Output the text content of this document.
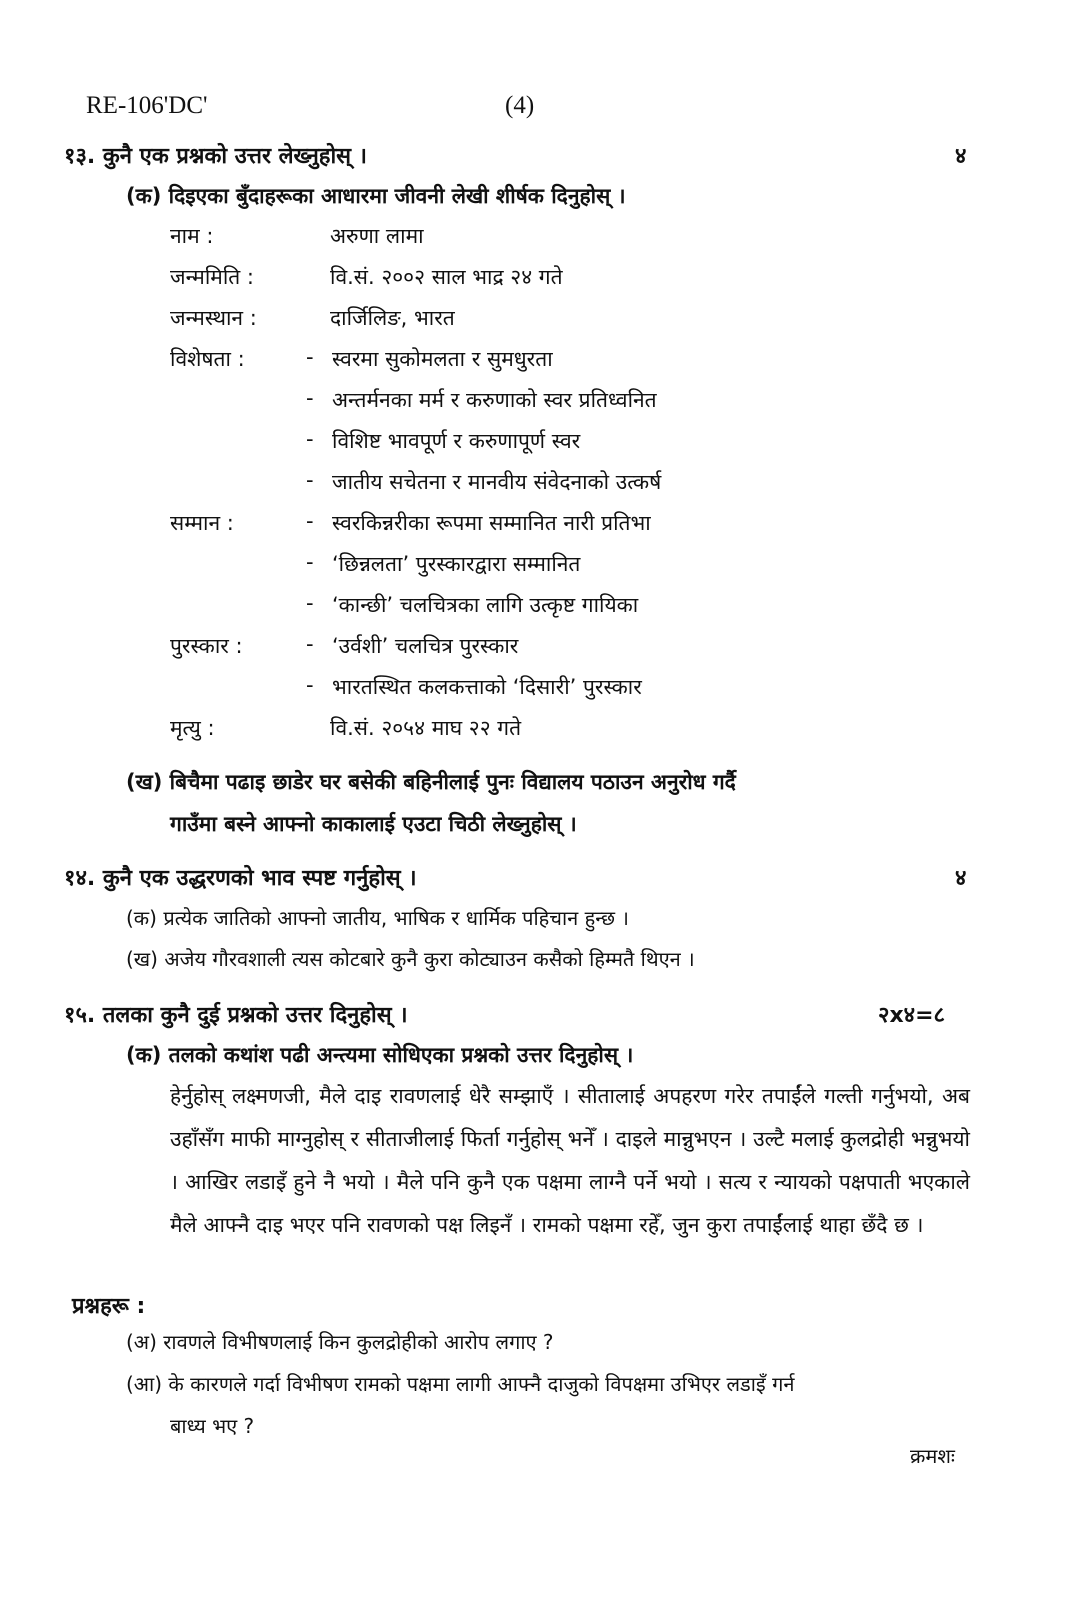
RE-106'DC'	(4)
१३. कुनै एक प्रश्नको उत्तर लेख्नुहोस् ।	४
(क) दिइएका बुँदाहरूका आधारमा जीवनी लेखी शीर्षक दिनुहोस् ।
नाम :	अरुणा लामा
जन्ममिति :	वि.सं. २००२ साल भाद्र २४ गते
जन्मस्थान :	दार्जिलिङ, भारत
विशेषता :	- स्वरमा सुकोमलता र सुमधुरता
- अन्तर्मनका मर्म र करुणाको स्वर प्रतिध्वनित
- विशिष्ट भावपूर्ण र करुणापूर्ण स्वर
- जातीय सचेतना र मानवीय संवेदनाको उत्कर्ष
सम्मान :	- स्वरकिन्नरीका रूपमा सम्मानित नारी प्रतिभा
- ‘छिन्नलता’ पुरस्कारद्वारा सम्मानित
- ‘कान्छी’ चलचित्रका लागि उत्कृष्ट गायिका
पुरस्कार :	- ‘उर्वशी’ चलचित्र पुरस्कार
- भारतस्थित कलकत्ताको ‘दिसारी’ पुरस्कार
मृत्यु :	वि.सं. २०५४ माघ २२ गते
(ख) बिचैमा पढाइ छाडेर घर बसेकी बहिनीलाई पुनः विद्यालय पठाउन अनुरोध गर्दै
गाउँमा बस्ने आफ्नो काकालाई एउटा चिठी लेख्नुहोस् ।
१४. कुनै एक उद्धरणको भाव स्पष्ट गर्नुहोस् ।	४
(क) प्रत्येक जातिको आफ्नो जातीय, भाषिक र धार्मिक पहिचान हुन्छ ।
(ख) अजेय गौरवशाली त्यस कोटबारे कुनै कुरा कोट्याउन कसैको हिम्मतै थिएन ।
१५. तलका कुनै दुई प्रश्नको उत्तर दिनुहोस् ।	२x४=८
(क) तलको कथांश पढी अन्त्यमा सोधिएका प्रश्नको उत्तर दिनुहोस् ।
हेर्नुहोस् लक्ष्मणजी, मैले दाइ रावणलाई धेरै सम्झाएँ । सीतालाई अपहरण गरेर तपाईंले गल्ती गर्नुभयो, अब उहाँसँग माफी माग्नुहोस् र सीताजीलाई फिर्ता गर्नुहोस् भनेँ । दाइले मान्नुभएन । उल्टै मलाई कुलद्रोही भन्नुभयो । आखिर लडाइँ हुने नै भयो । मैले पनि कुनै एक पक्षमा लाग्नै पर्ने भयो । सत्य र न्यायको पक्षपाती भएकाले मैले आफ्नै दाइ भएर पनि रावणको पक्ष लिइनँ । रामको पक्षमा रहेँ, जुन कुरा तपाईंलाई थाहा छँदै छ ।
प्रश्नहरू :
(अ) रावणले विभीषणलाई किन कुलद्रोहीको आरोप लगाए ?
(आ) के कारणले गर्दा विभीषण रामको पक्षमा लागी आफ्नै दाजुको विपक्षमा उभिएर लडाइँ गर्न
बाध्य भए ?
क्रमशः
